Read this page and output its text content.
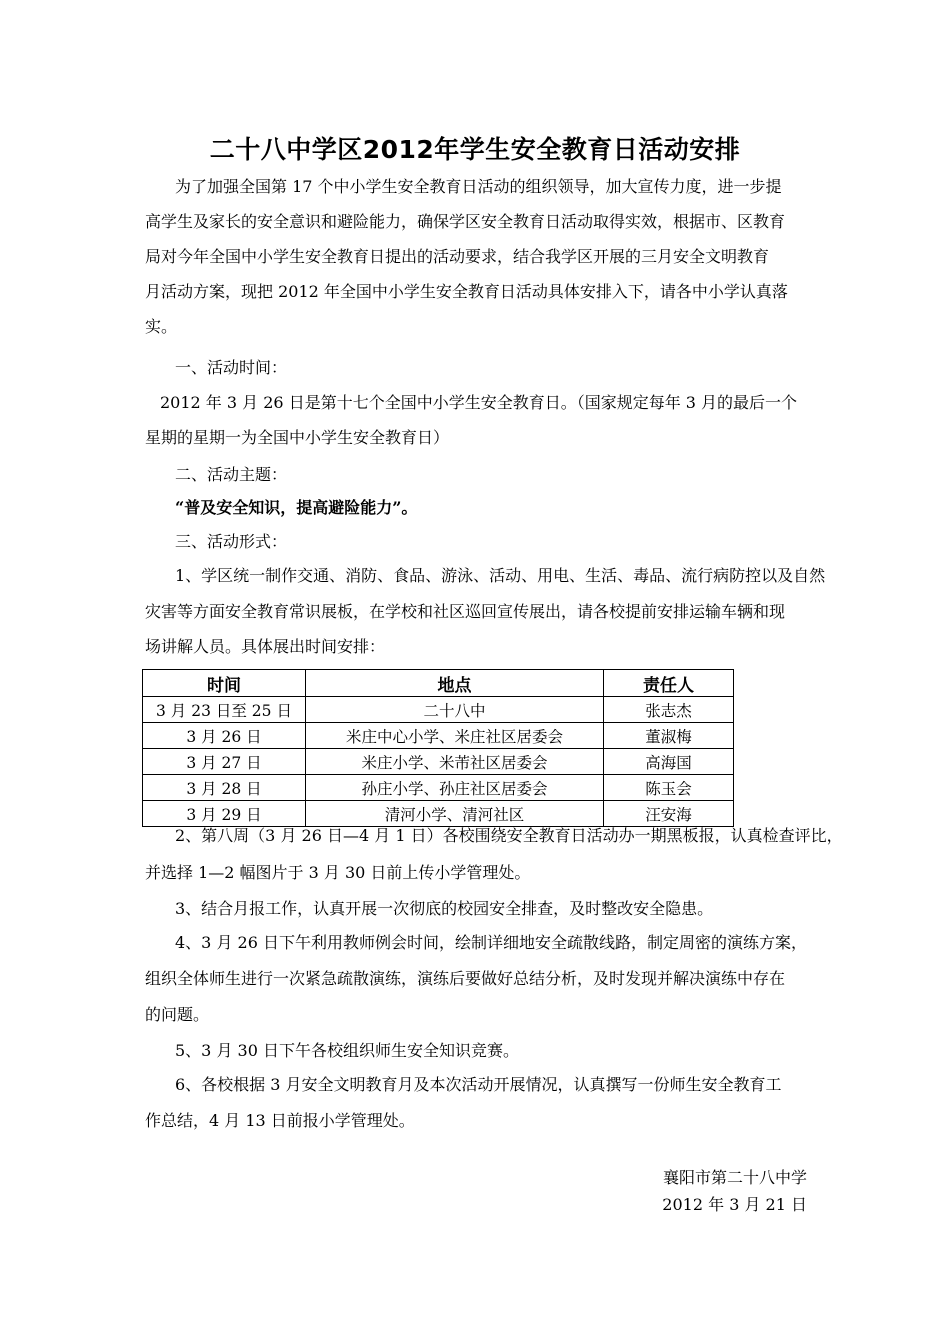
二十八中学区2012年学生安全教育日活动安排
为了加强全国第 17 个中小学生安全教育日活动的组织领导，加大宣传力度，进一步提
高学生及家长的安全意识和避险能力，确保学区安全教育日活动取得实效，根据市、区教育
局对今年全国中小学生安全教育日提出的活动要求，结合我学区开展的三月安全文明教育
月活动方案，现把 2012 年全国中小学生安全教育日活动具体安排入下，请各中小学认真落
实。
一、活动时间：
2012 年 3 月 26 日是第十七个全国中小学生安全教育日。（国家规定每年 3 月的最后一个
星期的星期一为全国中小学生安全教育日）
二、活动主题：
“普及安全知识，提高避险能力”。
三、活动形式：
1、学区统一制作交通、消防、食品、游泳、活动、用电、生活、毒品、流行病防控以及自然
灾害等方面安全教育常识展板，在学校和社区巡回宣传展出，请各校提前安排运输车辆和现
场讲解人员。具体展出时间安排：
时间	地点	责任人
3 月 23 日至 25 日	二十八中	张志杰
3 月 26 日	米庄中心小学、米庄社区居委会	董淑梅
3 月 27 日	米庄小学、米芾社区居委会	高海国
3 月 28 日	孙庄小学、孙庄社区居委会	陈玉会
3 月 29 日	清河小学、清河社区	汪安海
2、第八周（3 月 26 日—4 月 1 日）各校围绕安全教育日活动办一期黑板报，认真检查评比，
并选择 1—2 幅图片于 3 月 30 日前上传小学管理处。
3、结合月报工作，认真开展一次彻底的校园安全排查，及时整改安全隐患。
4、3 月 26 日下午利用教师例会时间，绘制详细地安全疏散线路，制定周密的演练方案，
组织全体师生进行一次紧急疏散演练，演练后要做好总结分析，及时发现并解决演练中存在
的问题。
5、3 月 30 日下午各校组织师生安全知识竞赛。
6、各校根据 3 月安全文明教育月及本次活动开展情况，认真撰写一份师生安全教育工
作总结，4 月 13 日前报小学管理处。
襄阳市第二十八中学
2012 年 3 月 21 日
